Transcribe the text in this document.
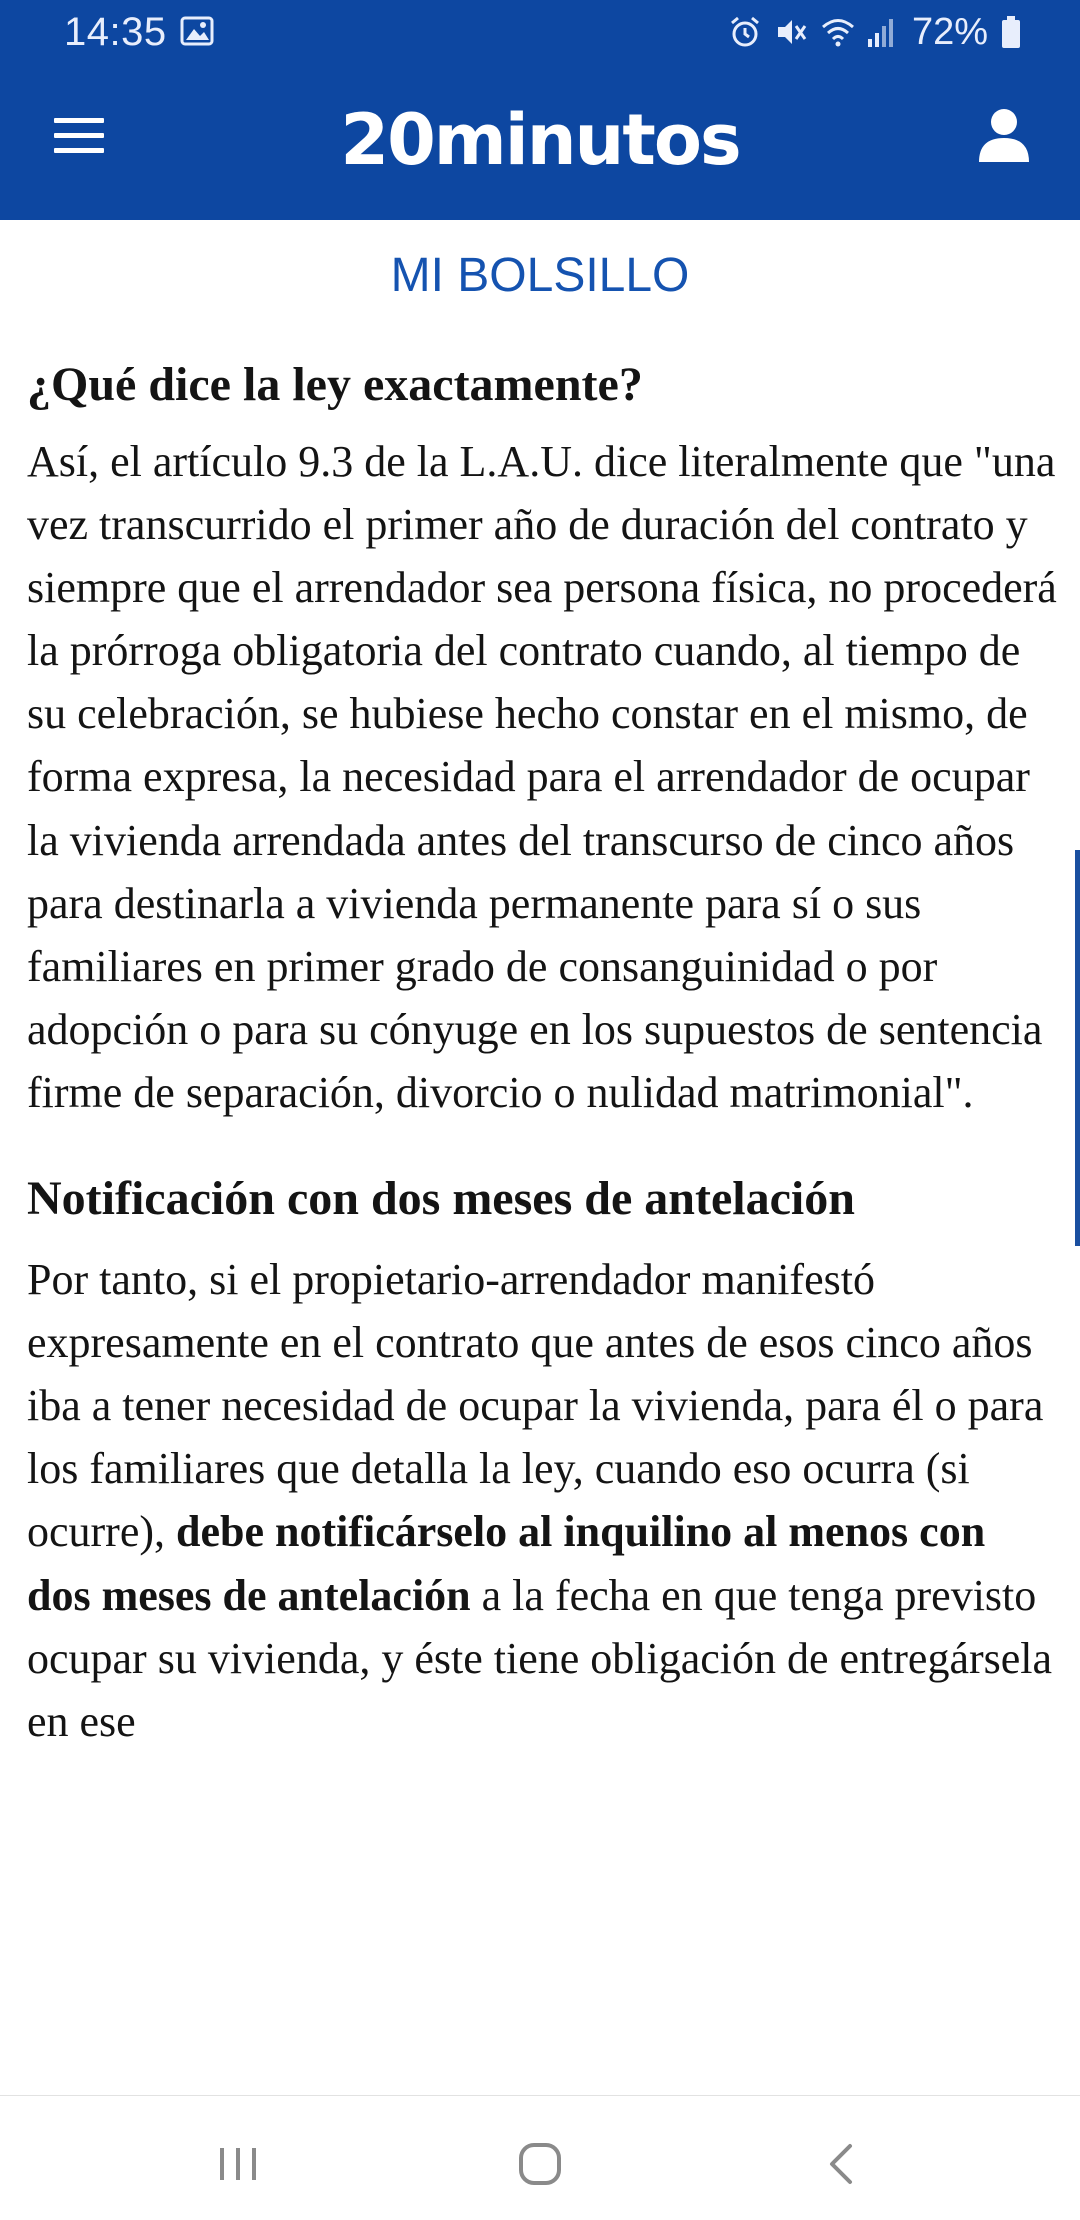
14:35	72%
20minutos
MI BOLSILLO
¿Qué dice la ley exactamente?

Así, el artículo 9.3 de la L.A.U. dice literalmente que "una vez transcurrido el primer año de duración del contrato y siempre que el arrendador sea persona física, no procederá la prórroga obligatoria del contrato cuando, al tiempo de su celebración, se hubiese hecho constar en el mismo, de forma expresa, la necesidad para el arrendador de ocupar la vivienda arrendada antes del transcurso de cinco años para destinarla a vivienda permanente para sí o sus familiares en primer grado de consanguinidad o por adopción o para su cónyuge en los supuestos de sentencia firme de separación, divorcio o nulidad matrimonial".

Notificación con dos meses de antelación

Por tanto, si el propietario-arrendador manifestó expresamente en el contrato que antes de esos cinco años iba a tener necesidad de ocupar la vivienda, para él o para los familiares que detalla la ley, cuando eso ocurra (si ocurre), debe notificárselo al inquilino al menos con dos meses de antelación a la fecha en que tenga previsto ocupar su vivienda, y éste tiene obligación de entregársela en ese
